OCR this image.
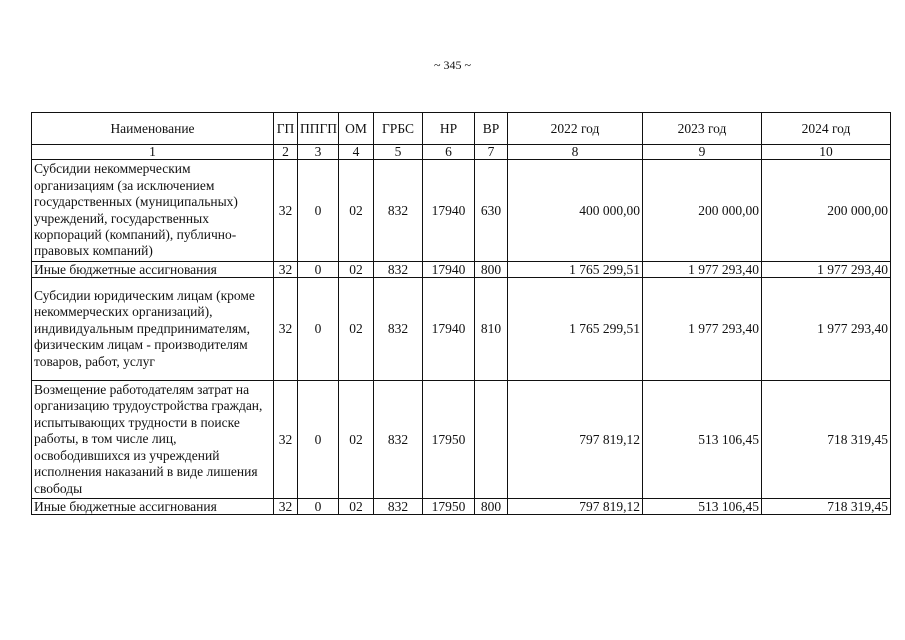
~ 345 ~
Наименование	ГП	ППГП	ОМ	ГРБС	НР	ВР	2022 год	2023 год	2024 год
1	2	3	4	5	6	7	8	9	10
Субсидии некоммерческим организациям (за исключением государственных (муниципальных) учреждений, государственных корпораций (компаний), публично-правовых компаний)	32	0	02	832	17940	630	400 000,00	200 000,00	200 000,00
Иные бюджетные ассигнования	32	0	02	832	17940	800	1 765 299,51	1 977 293,40	1 977 293,40
Субсидии юридическим лицам (кроме некоммерческих организаций), индивидуальным предпринимателям, физическим лицам - производителям товаров, работ, услуг	32	0	02	832	17940	810	1 765 299,51	1 977 293,40	1 977 293,40
Возмещение работодателям затрат на организацию трудоустройства граждан, испытывающих трудности в поиске работы, в том числе лиц, освободившихся из учреждений исполнения наказаний в виде лишения свободы	32	0	02	832	17950		797 819,12	513 106,45	718 319,45
Иные бюджетные ассигнования	32	0	02	832	17950	800	797 819,12	513 106,45	718 319,45
